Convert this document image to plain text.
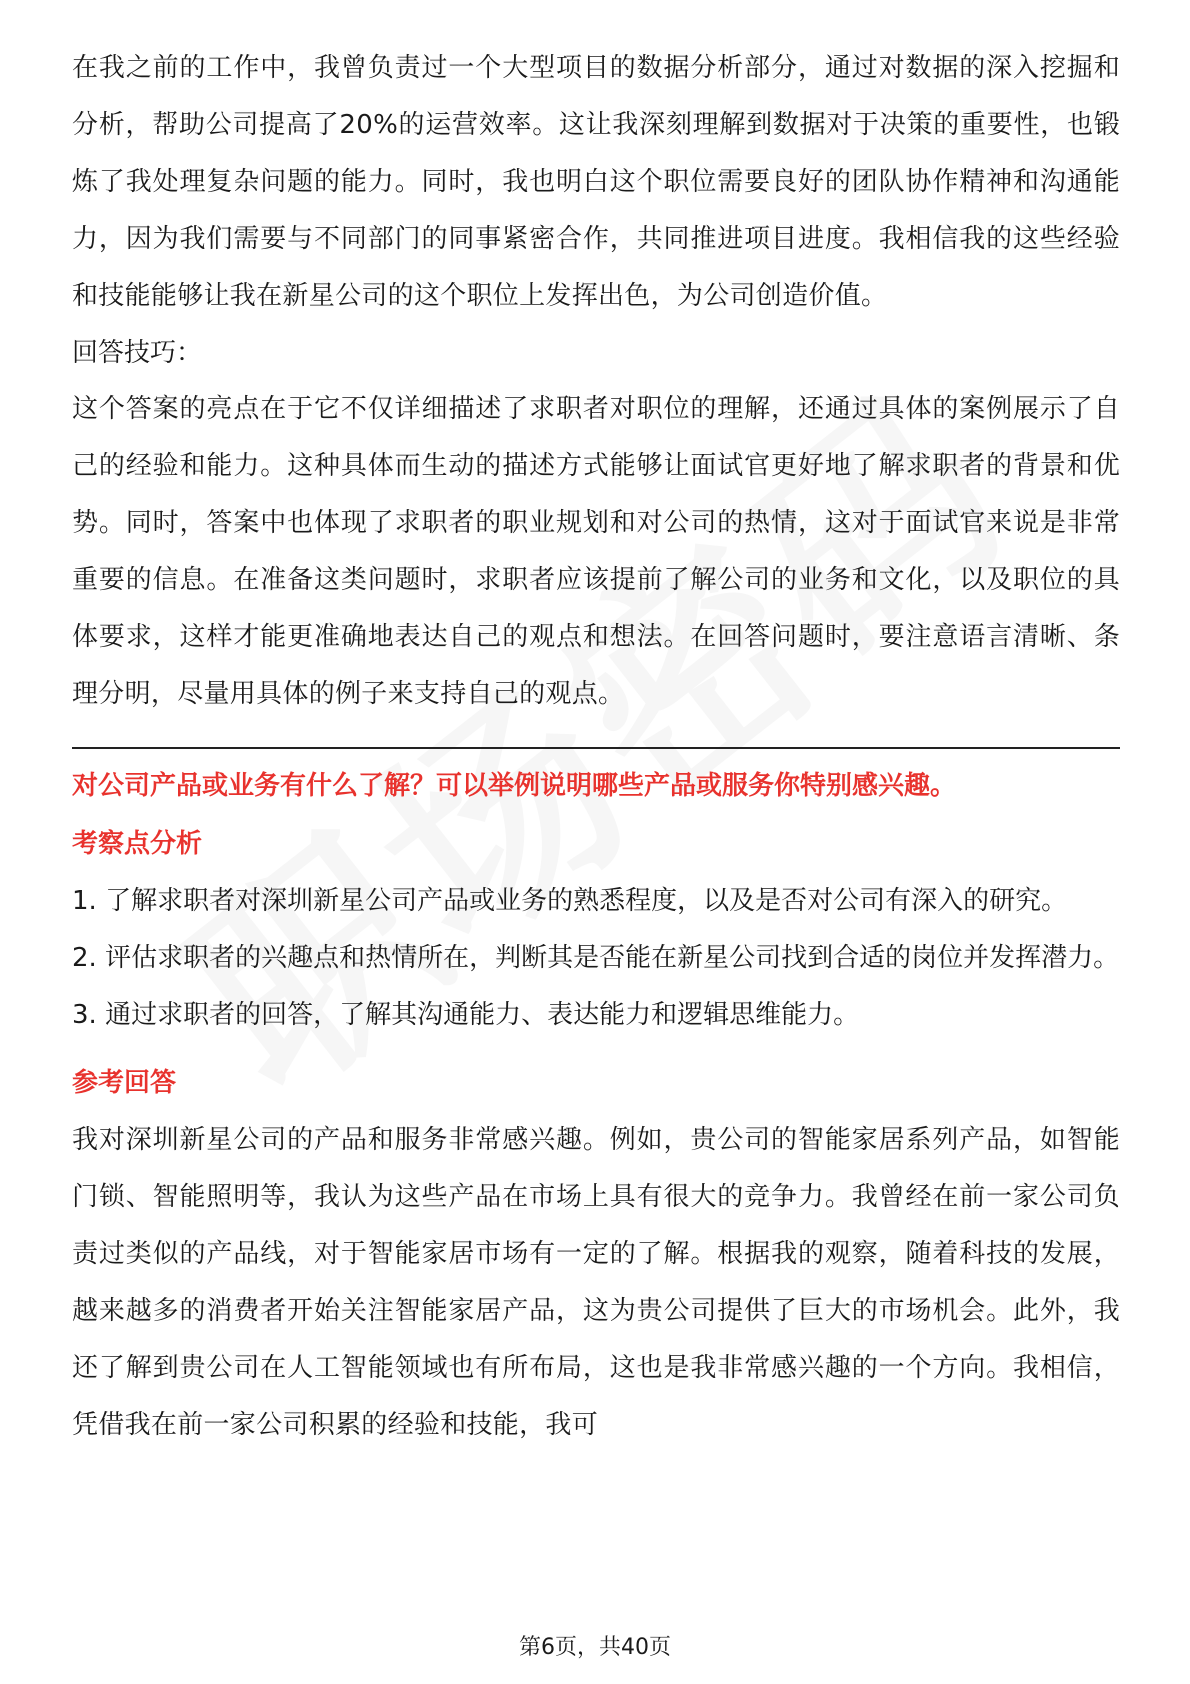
在我之前的工作中，我曾负责过一个大型项目的数据分析部分，通过对数据的深入挖掘和分析，帮助公司提高了20%的运营效率。这让我深刻理解到数据对于决策的重要性，也锻炼了我处理复杂问题的能力。同时，我也明白这个职位需要良好的团队协作精神和沟通能力，因为我们需要与不同部门的同事紧密合作，共同推进项目进度。我相信我的这些经验和技能能够让我在新星公司的这个职位上发挥出色，为公司创造价值。

回答技巧：

这个答案的亮点在于它不仅详细描述了求职者对职位的理解，还通过具体的案例展示了自己的经验和能力。这种具体而生动的描述方式能够让面试官更好地了解求职者的背景和优势。同时，答案中也体现了求职者的职业规划和对公司的热情，这对于面试官来说是非常重要的信息。在准备这类问题时，求职者应该提前了解公司的业务和文化，以及职位的具体要求，这样才能更准确地表达自己的观点和想法。在回答问题时，要注意语言清晰、条理分明，尽量用具体的例子来支持自己的观点。

对公司产品或业务有什么了解？可以举例说明哪些产品或服务你特别感兴趣。

考察点分析

1. 了解求职者对深圳新星公司产品或业务的熟悉程度，以及是否对公司有深入的研究。

2. 评估求职者的兴趣点和热情所在，判断其是否能在新星公司找到合适的岗位并发挥潜力。

3. 通过求职者的回答，了解其沟通能力、表达能力和逻辑思维能力。

参考回答

我对深圳新星公司的产品和服务非常感兴趣。例如，贵公司的智能家居系列产品，如智能门锁、智能照明等，我认为这些产品在市场上具有很大的竞争力。我曾经在前一家公司负责过类似的产品线，对于智能家居市场有一定的了解。根据我的观察，随着科技的发展，越来越多的消费者开始关注智能家居产品，这为贵公司提供了巨大的市场机会。此外，我还了解到贵公司在人工智能领域也有所布局，这也是我非常感兴趣的一个方向。我相信，凭借我在前一家公司积累的经验和技能，我可

第6页，共40页
